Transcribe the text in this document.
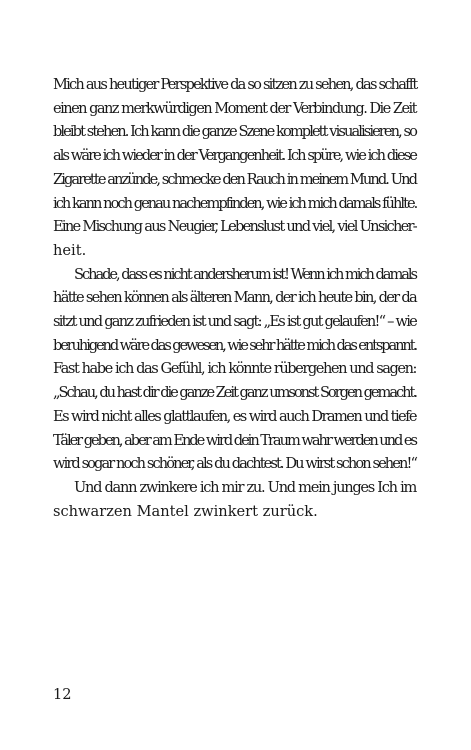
Mich aus heutiger Perspektive da so sitzen zu sehen, das schafft
einen ganz merkwürdigen Moment der Verbindung. Die Zeit
bleibt stehen. Ich kann die ganze Szene komplett visualisieren, so
als wäre ich wieder in der Vergangenheit. Ich spüre, wie ich diese
Zigarette anzünde, schmecke den Rauch in meinem Mund. Und
ich kann noch genau nachempfinden, wie ich mich damals fühlte.
Eine Mischung aus Neugier, Lebenslust und viel, viel Unsicher-
heit.

Schade, dass es nicht andersherum ist! Wenn ich mich damals
hätte sehen können als älteren Mann, der ich heute bin, der da
sitzt und ganz zufrieden ist und sagt: „Es ist gut gelaufen!“ – wie
beruhigend wäre das gewesen, wie sehr hätte mich das entspannt.
Fast habe ich das Gefühl, ich könnte rübergehen und sagen:
„Schau, du hast dir die ganze Zeit ganz umsonst Sorgen gemacht.
Es wird nicht alles glattlaufen, es wird auch Dramen und tiefe
Täler geben, aber am Ende wird dein Traum wahr werden und es
wird sogar noch schöner, als du dachtest. Du wirst schon sehen!“

Und dann zwinkere ich mir zu. Und mein junges Ich im
schwarzen Mantel zwinkert zurück.

12
